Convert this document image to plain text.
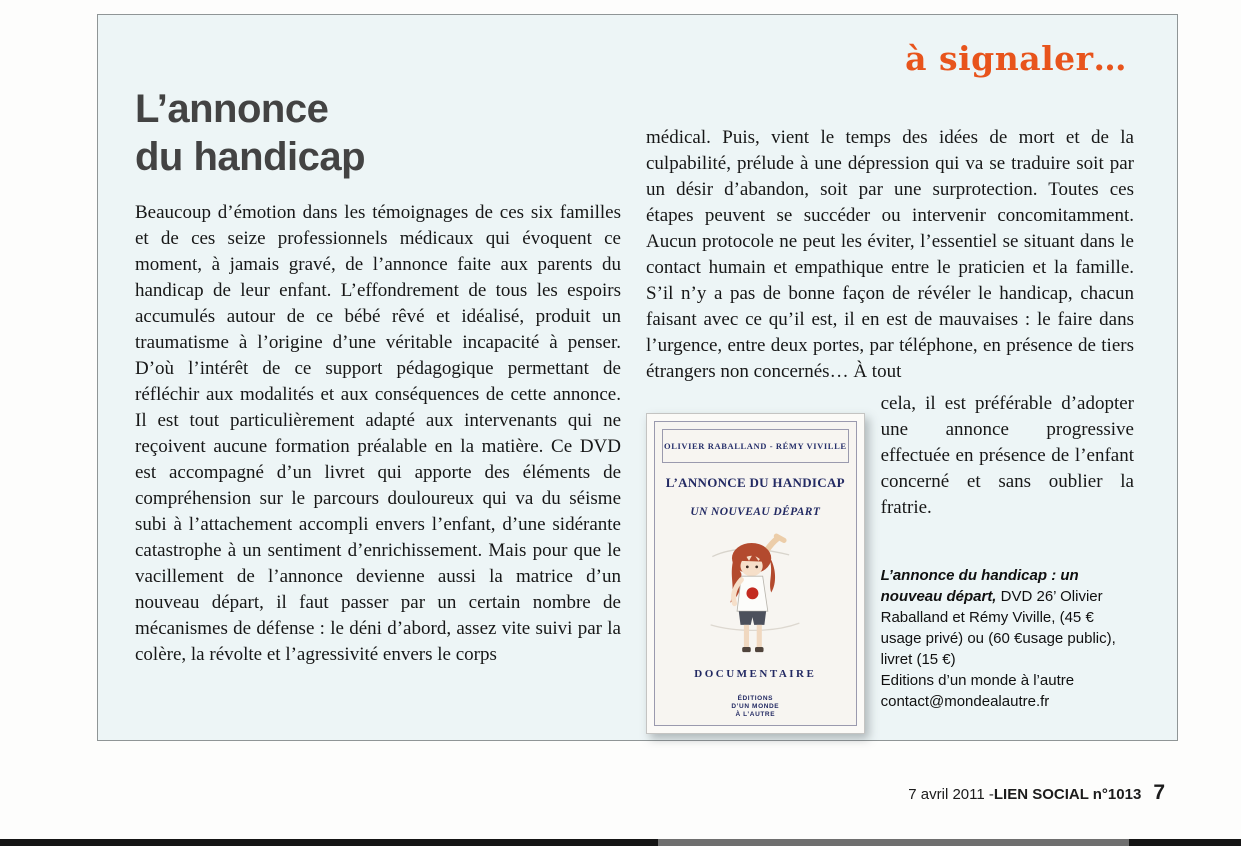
à signaler…
L’annonce
du handicap
Beaucoup d’émotion dans les témoignages de ces six familles et de ces seize professionnels médicaux qui évoquent ce moment, à jamais gravé, de l’annonce faite aux parents du handicap de leur enfant. L’effondrement de tous les espoirs accumulés autour de ce bébé rêvé et idéalisé, produit un traumatisme à l’origine d’une véritable incapacité à penser. D’où l’intérêt de ce support pédagogique permettant de réfléchir aux modalités et aux conséquences de cette annonce. Il est tout particulièrement adapté aux intervenants qui ne reçoivent aucune formation préalable en la matière. Ce DVD est accompagné d’un livret qui apporte des éléments de compréhension sur le parcours douloureux qui va du séisme subi à l’attachement accompli envers l’enfant, d’une sidérante catastrophe à un sentiment d’enrichissement. Mais pour que le vacillement de l’annonce devienne aussi la matrice d’un nouveau départ, il faut passer par un certain nombre de mécanismes de défense : le déni d’abord, assez vite suivi par la colère, la révolte et l’agressivité envers le corps
médical. Puis, vient le temps des idées de mort et de la culpabilité, prélude à une dépression qui va se traduire soit par un désir d’abandon, soit par une surprotection. Toutes ces étapes peuvent se succéder ou intervenir concomitamment. Aucun protocole ne peut les éviter, l’essentiel se situant dans le contact humain et empathique entre le praticien et la famille. S’il n’y a pas de bonne façon de révéler le handicap, chacun faisant avec ce qu’il est, il en est de mauvaises : le faire dans l’urgence, entre deux portes, par téléphone, en présence de tiers étrangers non concernés… À tout
OLIVIER RABALLAND - RÉMY VIVILLE
L’ANNONCE DU HANDICAP
UN NOUVEAU DÉPART
DOCUMENTAIRE
ÉDITIONS
D’UN MONDE
À L’AUTRE
cela, il est préférable d’adopter une annonce progressive effectuée en présence de l’enfant concerné et sans oublier la fratrie.
L’annonce du handicap : un nouveau départ, DVD 26’ Olivier Raballand et Rémy Viville, (45 € usage privé) ou (60 €usage public), livret (15 €)
Editions d’un monde à l’autre
contact@mondealautre.fr
7 avril 2011 - LIEN SOCIAL n°1013 7
